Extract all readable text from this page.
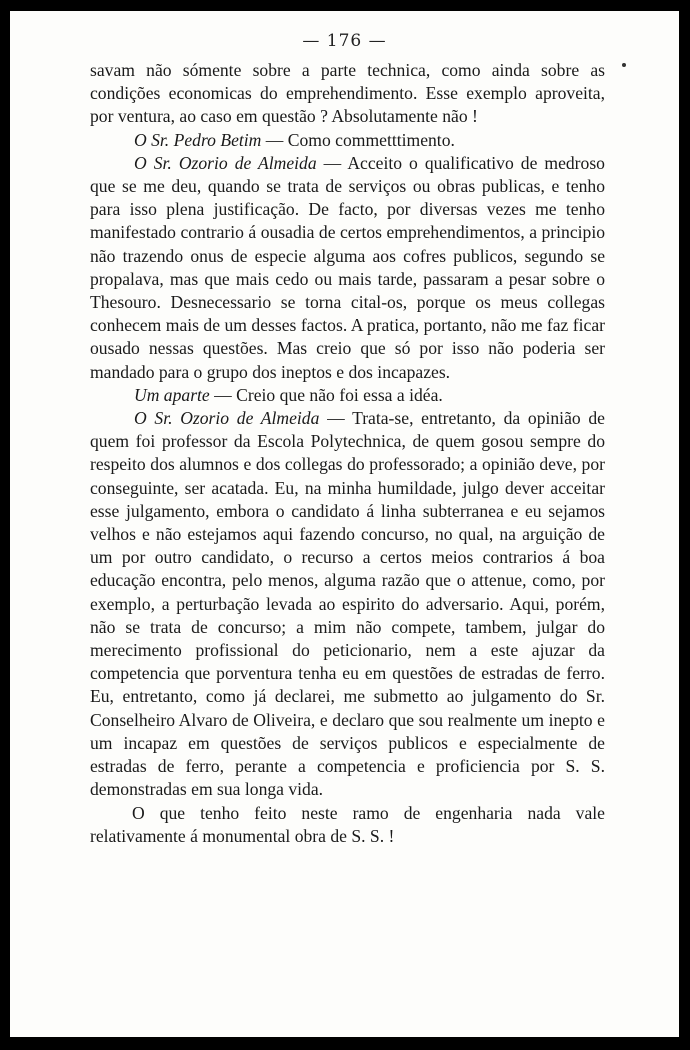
— 176 —

savam não sómente sobre a parte technica, como ainda sobre as condições economicas do emprehendimento. Esse exemplo aproveita, por ventura, ao caso em questão ? Absolutamente não !

O Sr. Pedro Betim — Como commetttimento.

O Sr. Ozorio de Almeida — Acceito o qualificativo de medroso que se me deu, quando se trata de serviços ou obras publicas, e tenho para isso plena justificação. De facto, por diversas vezes me tenho manifestado contrario á ousadia de certos emprehendimentos, a principio não trazendo onus de especie alguma aos cofres publicos, segundo se propalava, mas que mais cedo ou mais tarde, passaram a pesar sobre o Thesouro. Desnecessario se torna cital-os, porque os meus collegas conhecem mais de um desses factos. A pratica, portanto, não me faz ficar ousado nessas questões. Mas creio que só por isso não poderia ser mandado para o grupo dos ineptos e dos incapazes.

Um aparte — Creio que não foi essa a idéa.

O Sr. Ozorio de Almeida — Trata-se, entretanto, da opinião de quem foi professor da Escola Polytechnica, de quem gosou sempre do respeito dos alumnos e dos collegas do professorado; a opinião deve, por conseguinte, ser acatada. Eu, na minha humildade, julgo dever acceitar esse julgamento, embora o candidato á linha subterranea e eu sejamos velhos e não estejamos aqui fazendo concurso, no qual, na arguição de um por outro candidato, o recurso a certos meios contrarios á boa educação encontra, pelo menos, alguma razão que o attenue, como, por exemplo, a perturbação levada ao espirito do adversario. Aqui, porém, não se trata de concurso; a mim não compete, tambem, julgar do merecimento profissional do peticionario, nem a este ajuzar da competencia que porventura tenha eu em questões de estradas de ferro. Eu, entretanto, como já declarei, me submetto ao julgamento do Sr. Conselheiro Alvaro de Oliveira, e declaro que sou realmente um inepto e um incapaz em questões de serviços publicos e especialmente de estradas de ferro, perante a competencia e proficiencia por S. S. demonstradas em sua longa vida.

O que tenho feito neste ramo de engenharia nada vale relativamente á monumental obra de S. S. !
